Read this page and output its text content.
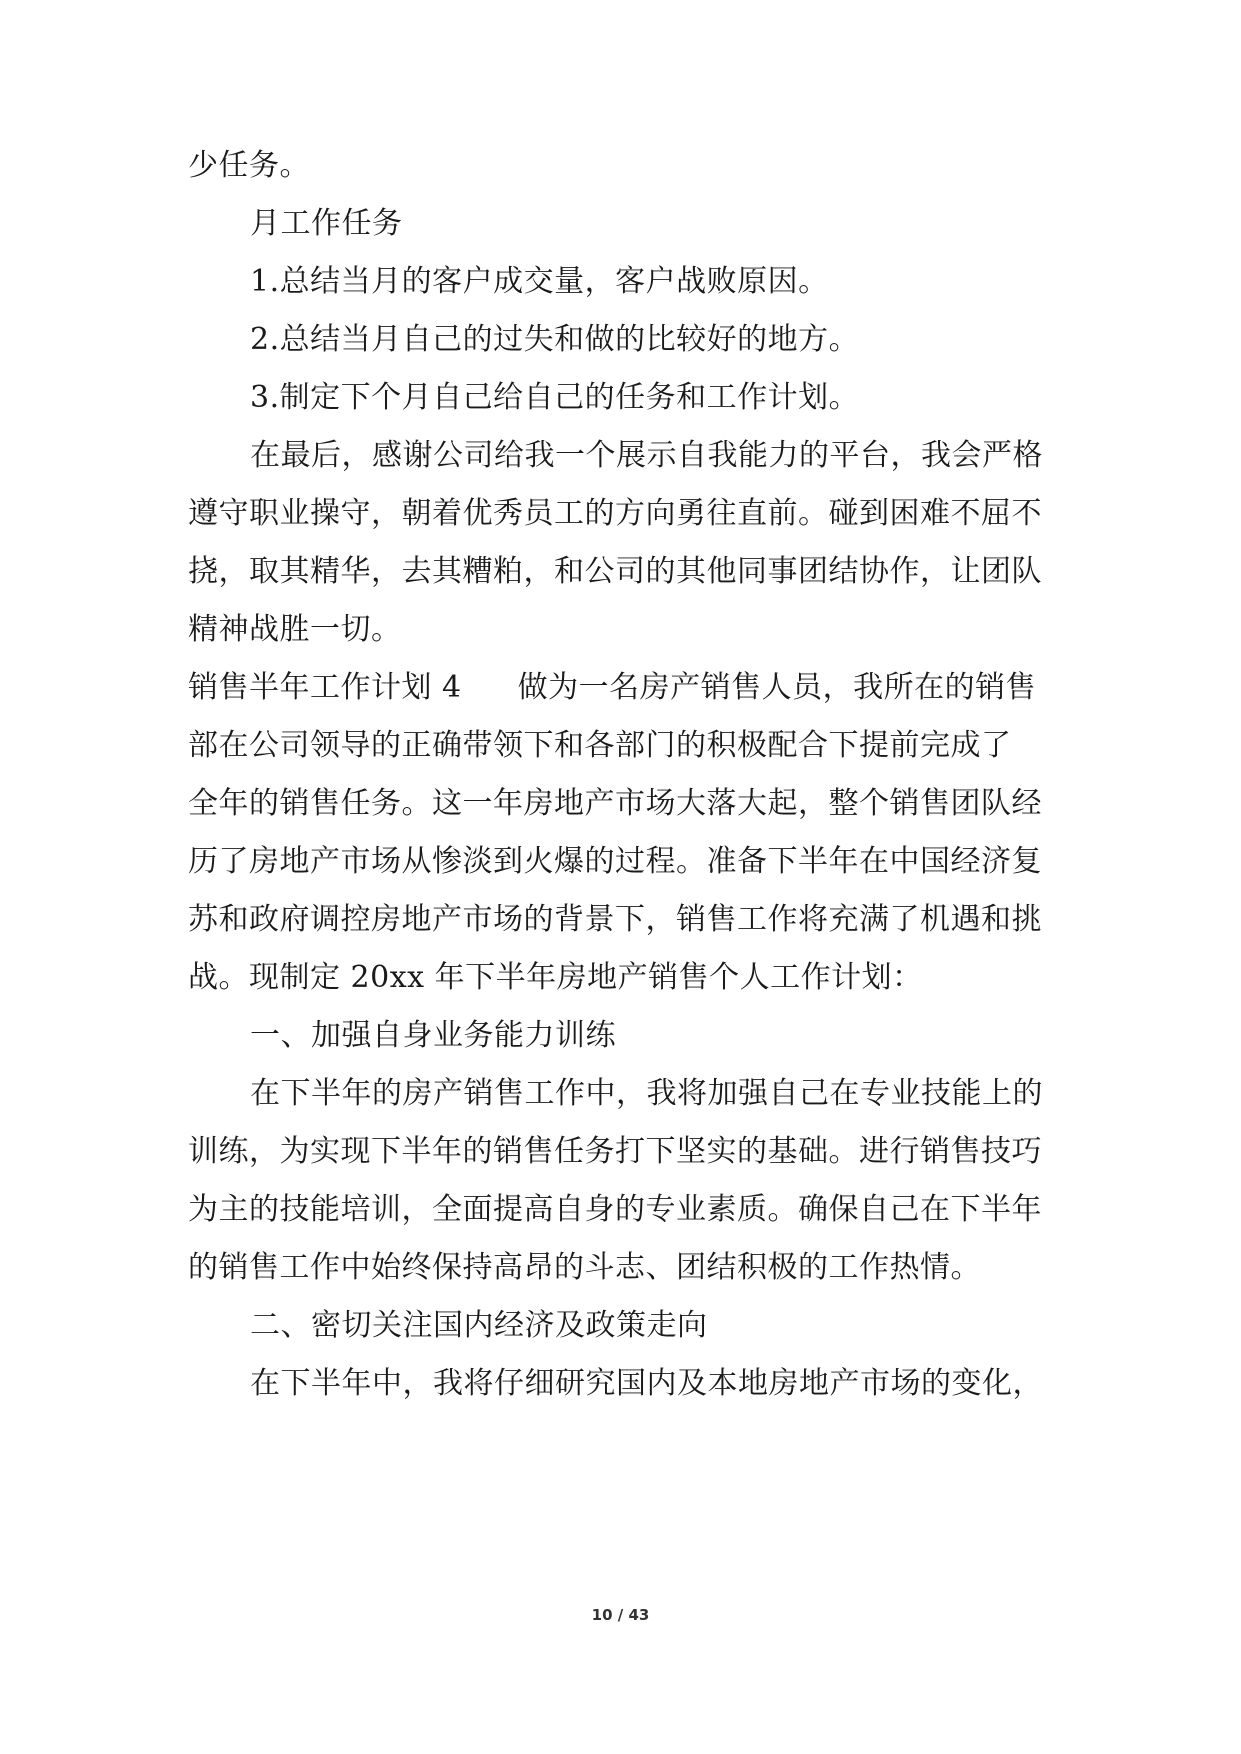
少任务。
月工作任务
1.总结当月的客户成交量，客户战败原因。
2.总结当月自己的过失和做的比较好的地方。
3.制定下个月自己给自己的任务和工作计划。
在最后，感谢公司给我一个展示自我能力的平台，我会严格
遵守职业操守，朝着优秀员工的方向勇往直前。碰到困难不屈不
挠，取其精华，去其糟粕，和公司的其他同事团结协作，让团队
精神战胜一切。
销售半年工作计划 4 做为一名房产销售人员，我所在的销售
部在公司领导的正确带领下和各部门的积极配合下提前完成了
全年的销售任务。这一年房地产市场大落大起，整个销售团队经
历了房地产市场从惨淡到火爆的过程。准备下半年在中国经济复
苏和政府调控房地产市场的背景下，销售工作将充满了机遇和挑
战。现制定 20xx 年下半年房地产销售个人工作计划：
一、加强自身业务能力训练
在下半年的房产销售工作中，我将加强自己在专业技能上的
训练，为实现下半年的销售任务打下坚实的基础。进行销售技巧
为主的技能培训，全面提高自身的专业素质。确保自己在下半年
的销售工作中始终保持高昂的斗志、团结积极的工作热情。
二、密切关注国内经济及政策走向
在下半年中，我将仔细研究国内及本地房地产市场的变化，
10 / 43
